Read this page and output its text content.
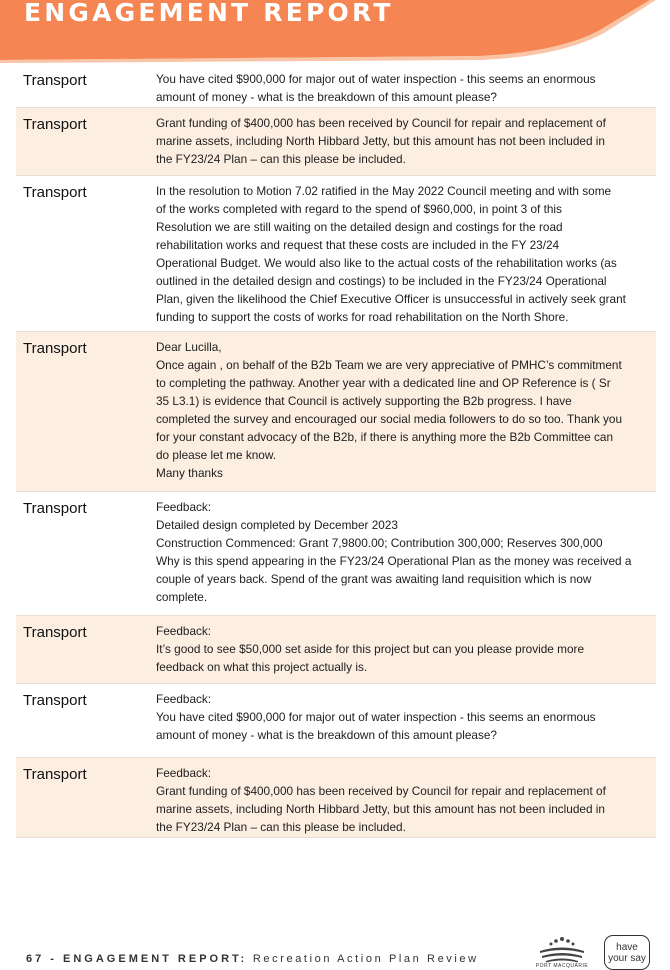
ENGAGEMENT REPORT
Transport	You have cited $900,000 for major out of water inspection - this seems an enormous
amount of money - what is the breakdown of this amount please?
Transport	Grant funding of $400,000 has been received by Council for repair and replacement of
marine assets, including North Hibbard Jetty, but this amount has not been included in
the FY23/24 Plan – can this please be included.
Transport	In the resolution to Motion 7.02 ratified in the May 2022 Council meeting and with some
of the works completed with regard to the spend of $960,000, in point 3 of this
Resolution we are still waiting on the detailed design and costings for the road
rehabilitation works and request that these costs are included in the FY 23/24
Operational Budget. We would also like to the actual costs of the rehabilitation works (as
outlined in the detailed design and costings) to be included in the FY23/24 Operational
Plan, given the likelihood the Chief Executive Officer is unsuccessful in actively seek grant
funding to support the costs of works for road rehabilitation on the North Shore.
Transport	Dear Lucilla,
Once again , on behalf of the B2b Team we are very appreciative of PMHC’s commitment
to completing the pathway. Another year with a dedicated line and OP Reference is ( Sr
35 L3.1) is evidence that Council is actively supporting the B2b progress. I have
completed the survey and encouraged our social media followers to do so too. Thank you
for your constant advocacy of the B2b, if there is anything more the B2b Committee can
do please let me know.
Many thanks
Transport	Feedback:
Detailed design completed by December 2023
Construction Commenced: Grant 7,9800.00; Contribution 300,000; Reserves 300,000
Why is this spend appearing in the FY23/24 Operational Plan as the money was received a
couple of years back. Spend of the grant was awaiting land requisition which is now
complete.
Transport	Feedback:
It’s good to see $50,000 set aside for this project but can you please provide more
feedback on what this project actually is.
Transport	Feedback:
You have cited $900,000 for major out of water inspection - this seems an enormous
amount of money - what is the breakdown of this amount please?
Transport	Feedback:
Grant funding of $400,000 has been received by Council for repair and replacement of
marine assets, including North Hibbard Jetty, but this amount has not been included in
the FY23/24 Plan – can this please be included.
67 - ENGAGEMENT REPORT: Recreation Action Plan Review
PORT MACQUARIE
have
your say
